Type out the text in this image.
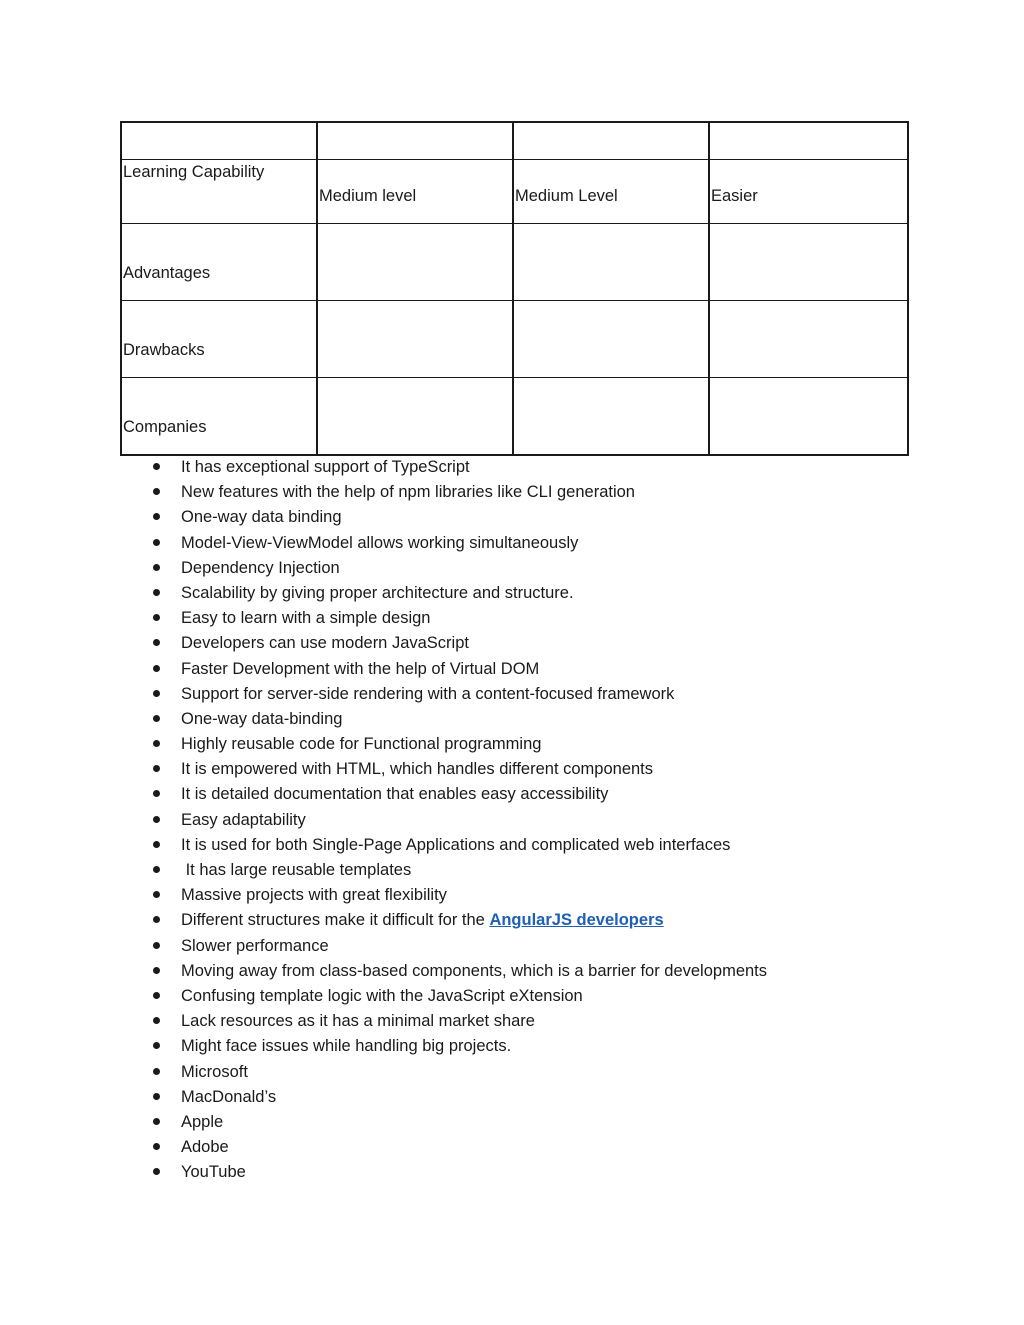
Learning Capability	Medium level	Medium Level	Easier
Advantages			
Drawbacks			
Companies			
It has exceptional support of TypeScript
New features with the help of npm libraries like CLI generation
One-way data binding
Model-View-ViewModel allows working simultaneously
Dependency Injection
Scalability by giving proper architecture and structure.
Easy to learn with a simple design
Developers can use modern JavaScript
Faster Development with the help of Virtual DOM
Support for server-side rendering with a content-focused framework
One-way data-binding
Highly reusable code for Functional programming
It is empowered with HTML, which handles different components
It is detailed documentation that enables easy accessibility
Easy adaptability
It is used for both Single-Page Applications and complicated web interfaces
It has large reusable templates
Massive projects with great flexibility
Different structures make it difficult for the AngularJS developers
Slower performance
Moving away from class-based components, which is a barrier for developments
Confusing template logic with the JavaScript eXtension
Lack resources as it has a minimal market share
Might face issues while handling big projects.
Microsoft
MacDonald’s
Apple
Adobe
YouTube
